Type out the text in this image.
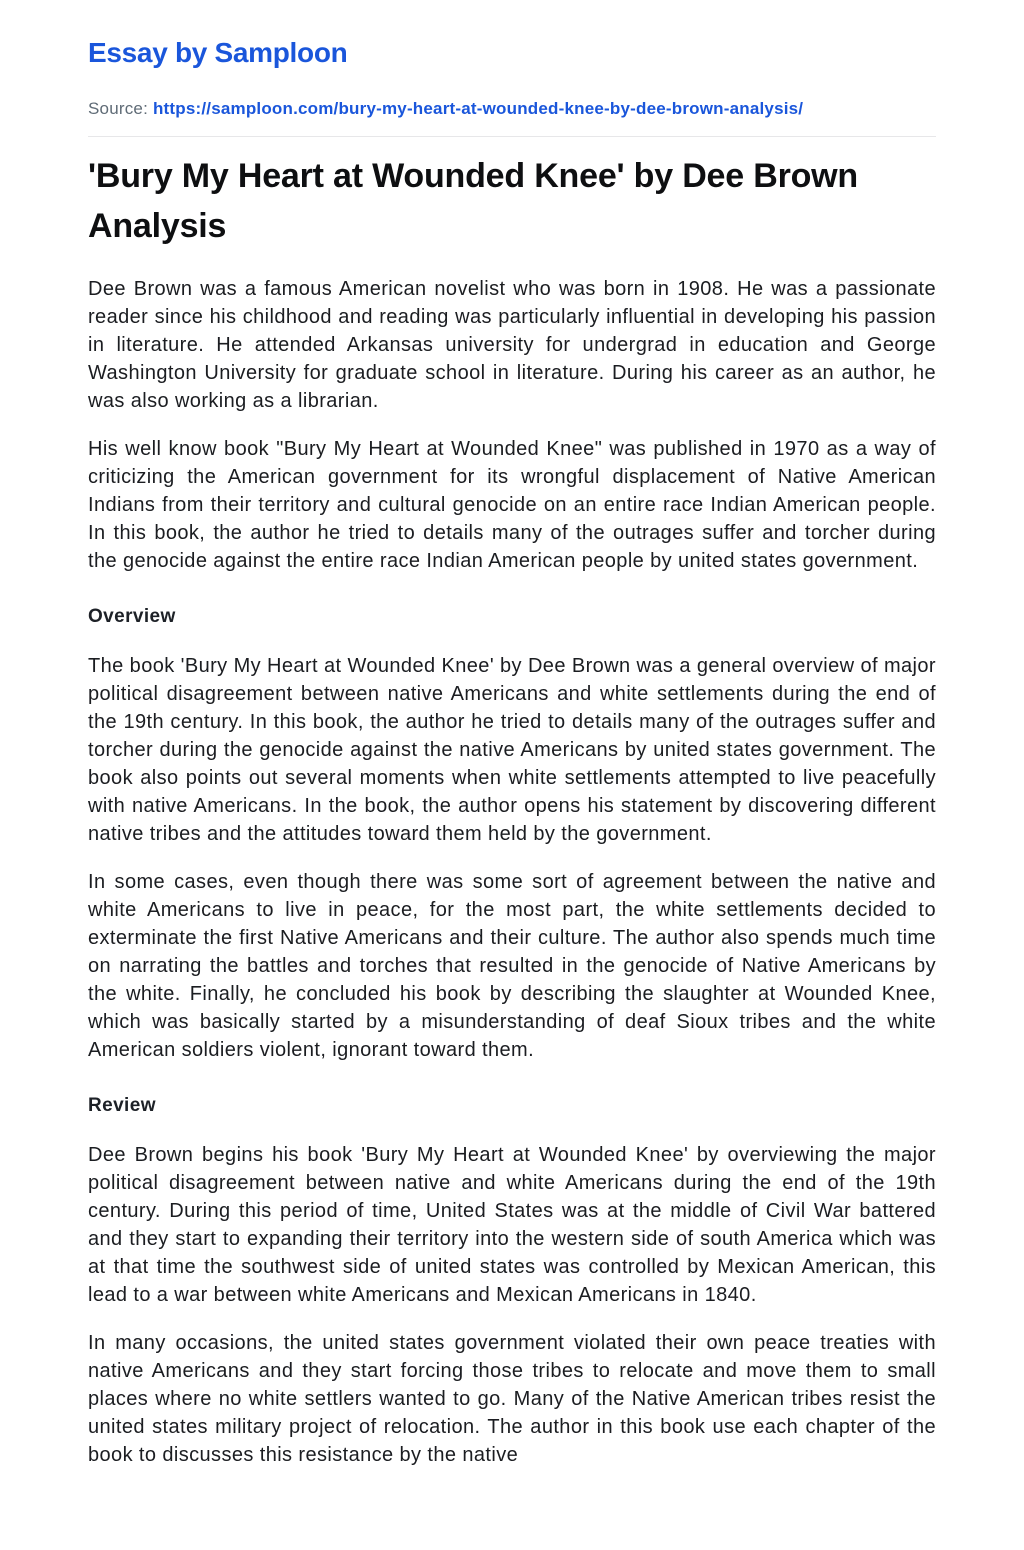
Essay by Samploon
Source: https://samploon.com/bury-my-heart-at-wounded-knee-by-dee-brown-analysis/
'Bury My Heart at Wounded Knee' by Dee Brown Analysis

Dee Brown was a famous American novelist who was born in 1908. He was a passionate reader since his childhood and reading was particularly influential in developing his passion in literature. He attended Arkansas university for undergrad in education and George Washington University for graduate school in literature. During his career as an author, he was also working as a librarian.

His well know book "Bury My Heart at Wounded Knee" was published in 1970 as a way of criticizing the American government for its wrongful displacement of Native American Indians from their territory and cultural genocide on an entire race Indian American people. In this book, the author he tried to details many of the outrages suffer and torcher during the genocide against the entire race Indian American people by united states government.

Overview

The book 'Bury My Heart at Wounded Knee' by Dee Brown was a general overview of major political disagreement between native Americans and white settlements during the end of the 19th century. In this book, the author he tried to details many of the outrages suffer and torcher during the genocide against the native Americans by united states government. The book also points out several moments when white settlements attempted to live peacefully with native Americans. In the book, the author opens his statement by discovering different native tribes and the attitudes toward them held by the government.

In some cases, even though there was some sort of agreement between the native and white Americans to live in peace, for the most part, the white settlements decided to exterminate the first Native Americans and their culture. The author also spends much time on narrating the battles and torches that resulted in the genocide of Native Americans by the white. Finally, he concluded his book by describing the slaughter at Wounded Knee, which was basically started by a misunderstanding of deaf Sioux tribes and the white American soldiers violent, ignorant toward them.

Review

Dee Brown begins his book 'Bury My Heart at Wounded Knee' by overviewing the major political disagreement between native and white Americans during the end of the 19th century. During this period of time, United States was at the middle of Civil War battered and they start to expanding their territory into the western side of south America which was at that time the southwest side of united states was controlled by Mexican American, this lead to a war between white Americans and Mexican Americans in 1840.

In many occasions, the united states government violated their own peace treaties with native Americans and they start forcing those tribes to relocate and move them to small places where no white settlers wanted to go. Many of the Native American tribes resist the united states military project of relocation. The author in this book use each chapter of the book to discusses this resistance by the native
